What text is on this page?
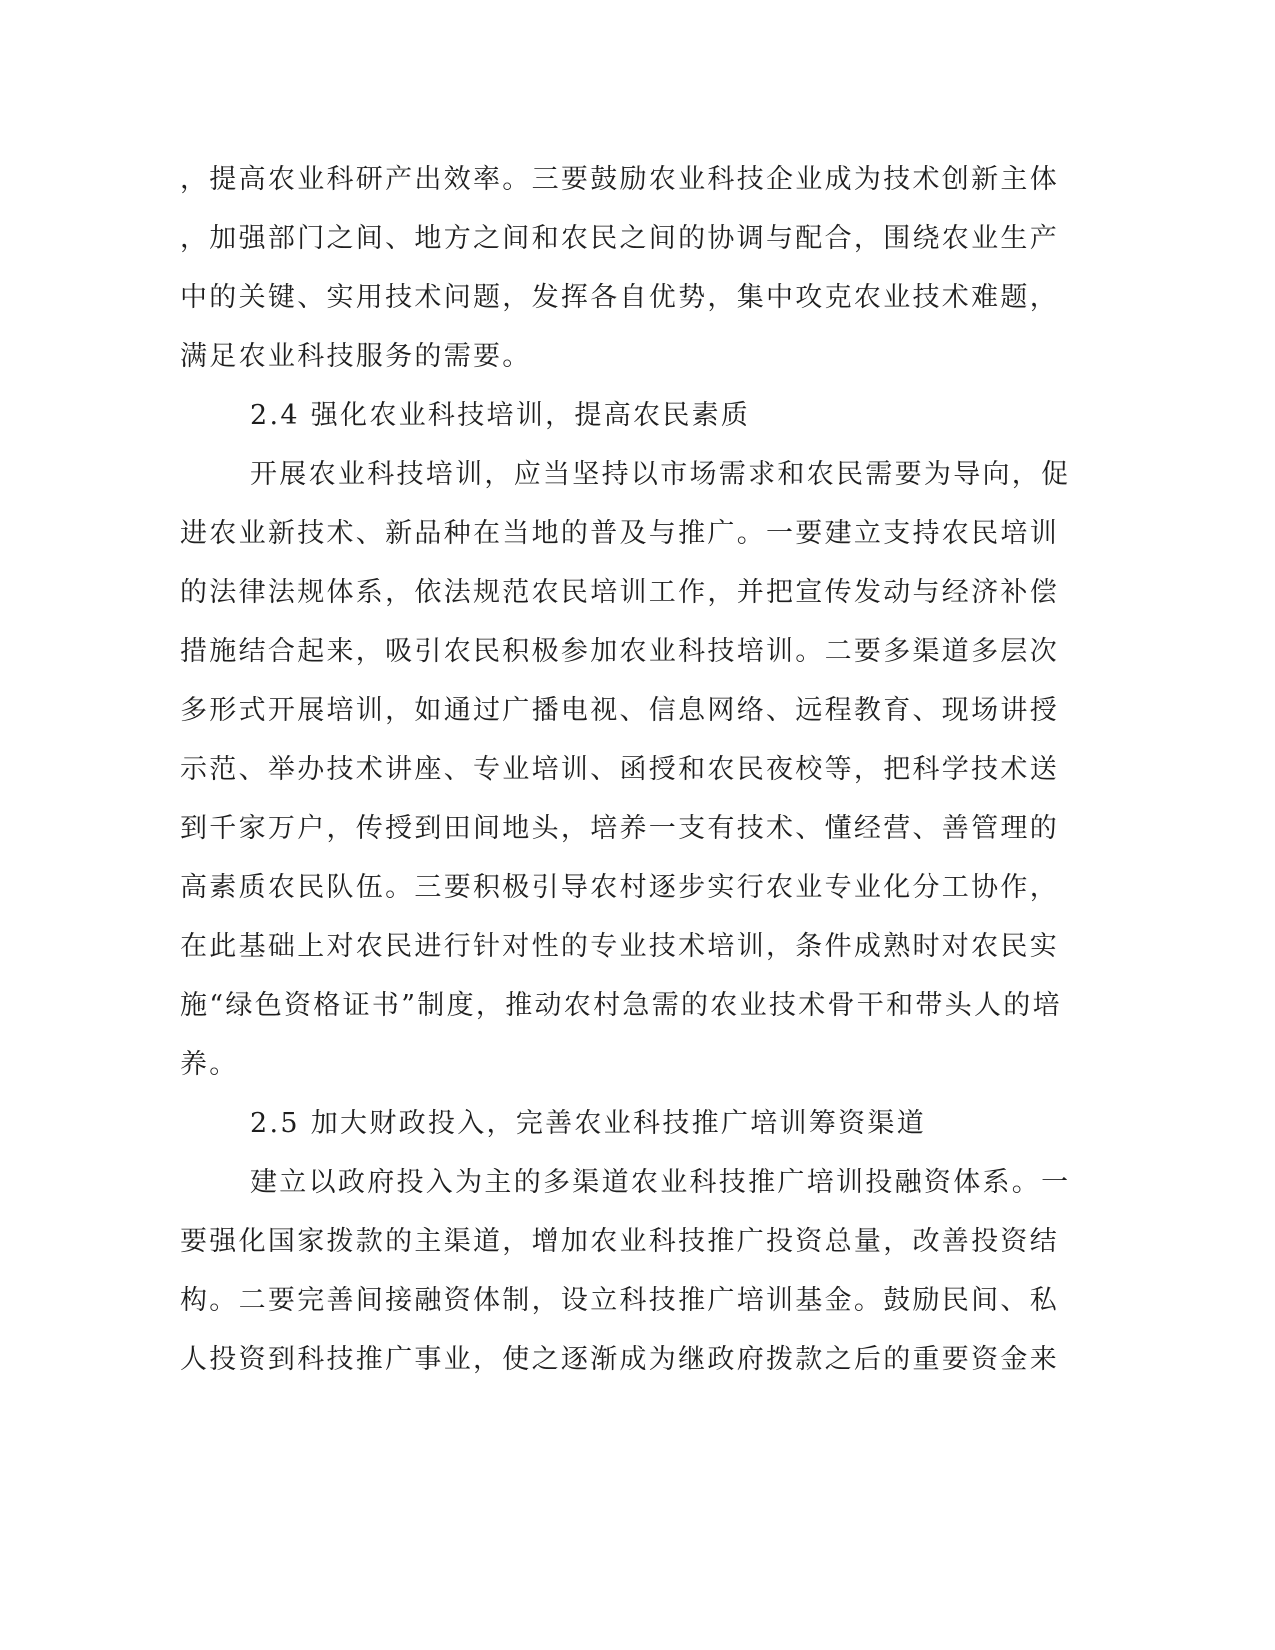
，提高农业科研产出效率。三要鼓励农业科技企业成为技术创新主体
，加强部门之间、地方之间和农民之间的协调与配合，围绕农业生产
中的关键、实用技术问题，发挥各自优势，集中攻克农业技术难题，
满足农业科技服务的需要。
2.4 强化农业科技培训，提高农民素质
开展农业科技培训，应当坚持以市场需求和农民需要为导向，促
进农业新技术、新品种在当地的普及与推广。一要建立支持农民培训
的法律法规体系，依法规范农民培训工作，并把宣传发动与经济补偿
措施结合起来，吸引农民积极参加农业科技培训。二要多渠道多层次
多形式开展培训，如通过广播电视、信息网络、远程教育、现场讲授
示范、举办技术讲座、专业培训、函授和农民夜校等，把科学技术送
到千家万户，传授到田间地头，培养一支有技术、懂经营、善管理的
高素质农民队伍。三要积极引导农村逐步实行农业专业化分工协作，
在此基础上对农民进行针对性的专业技术培训，条件成熟时对农民实
施“绿色资格证书”制度，推动农村急需的农业技术骨干和带头人的培
养。
2.5 加大财政投入，完善农业科技推广培训筹资渠道
建立以政府投入为主的多渠道农业科技推广培训投融资体系。一
要强化国家拨款的主渠道，增加农业科技推广投资总量，改善投资结
构。二要完善间接融资体制，设立科技推广培训基金。鼓励民间、私
人投资到科技推广事业，使之逐渐成为继政府拨款之后的重要资金来
